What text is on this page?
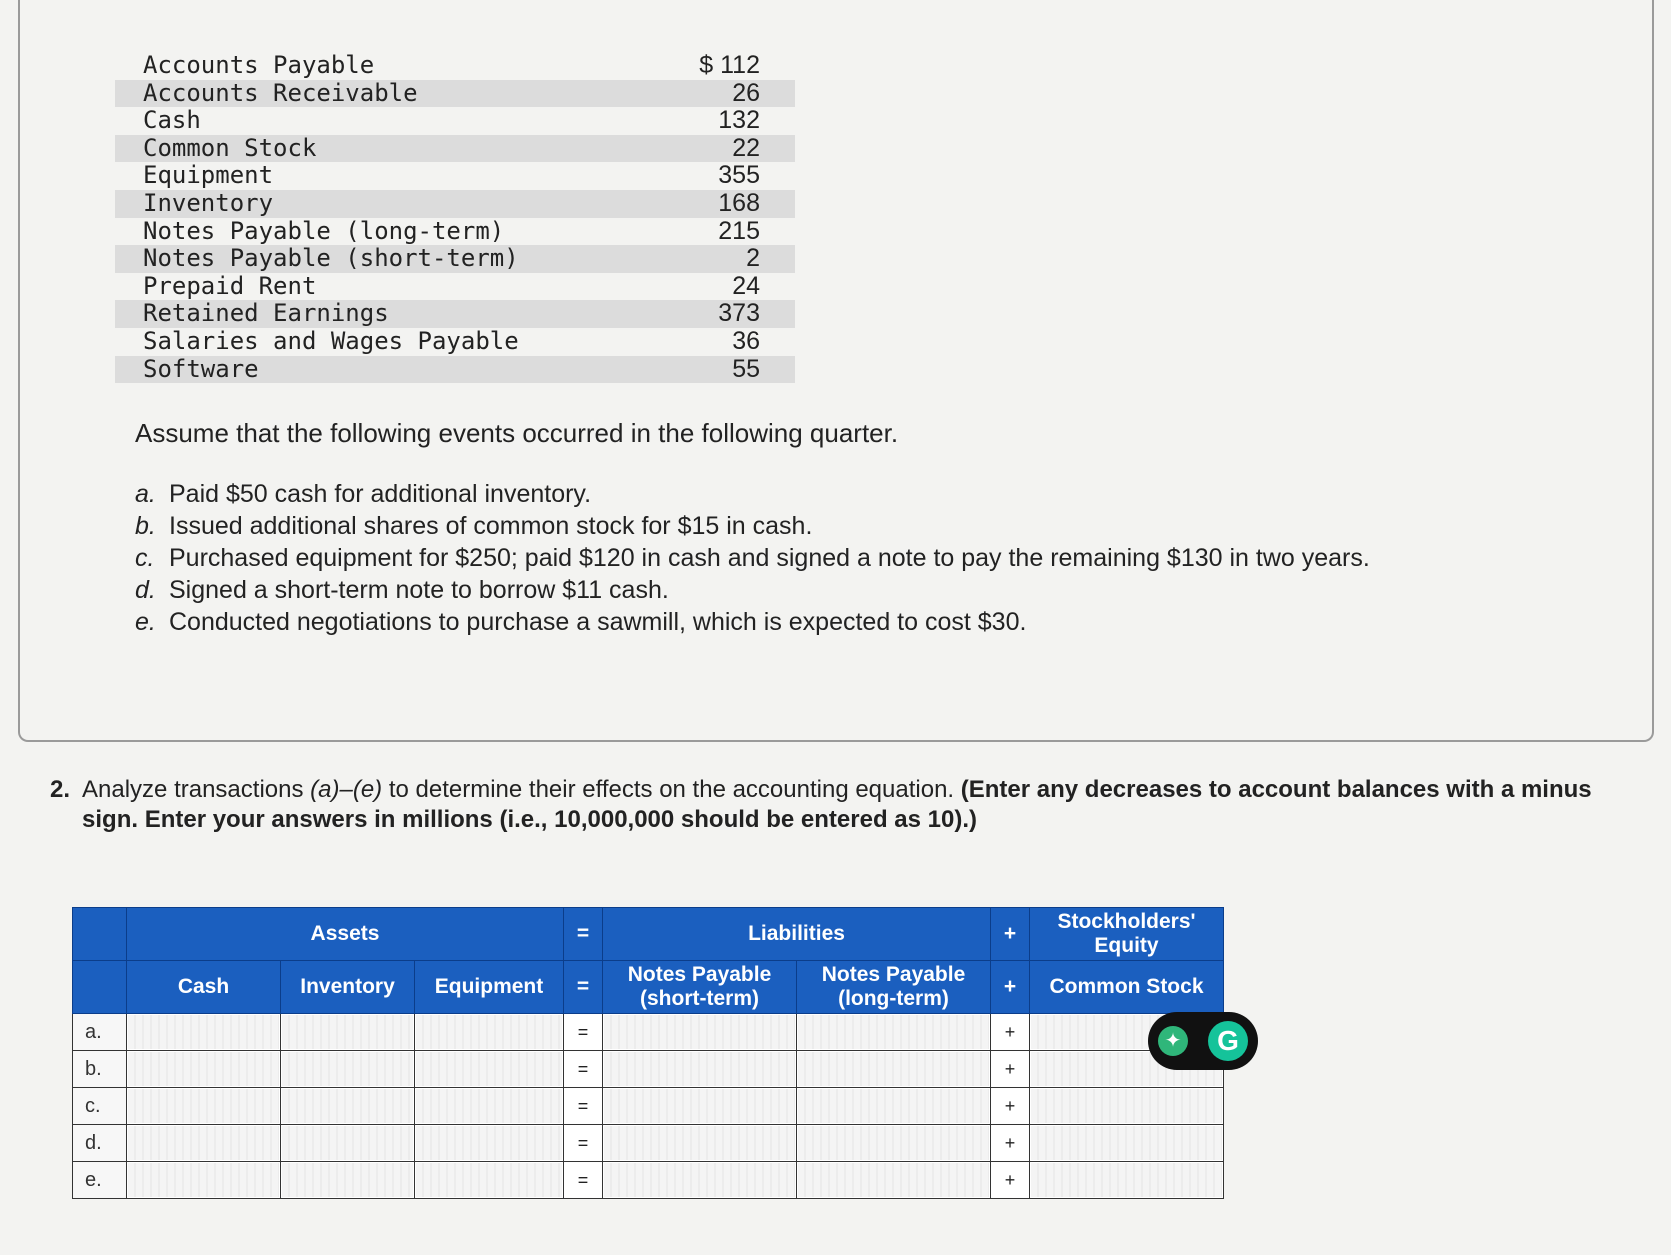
Accounts Payable	$ 112
Accounts Receivable	26
Cash	132
Common Stock	22
Equipment	355
Inventory	168
Notes Payable (long-term)	215
Notes Payable (short-term)	2
Prepaid Rent	24
Retained Earnings	373
Salaries and Wages Payable	36
Software	55
Assume that the following events occurred in the following quarter.
a. Paid $50 cash for additional inventory.
b. Issued additional shares of common stock for $15 in cash.
c. Purchased equipment for $250; paid $120 in cash and signed a note to pay the remaining $130 in two years.
d. Signed a short-term note to borrow $11 cash.
e. Conducted negotiations to purchase a sawmill, which is expected to cost $30.
2. Analyze transactions (a)–(e) to determine their effects on the accounting equation. (Enter any decreases to account balances with a minus sign. Enter your answers in millions (i.e., 10,000,000 should be entered as 10).)
	Assets			=	Liabilities		+	Stockholders' Equity
	Cash	Inventory	Equipment	=	Notes Payable (short-term)	Notes Payable (long-term)	+	Common Stock
a.				=			+	
b.				=			+	
c.				=			+	
d.				=			+	
e.				=			+	
✦	G
